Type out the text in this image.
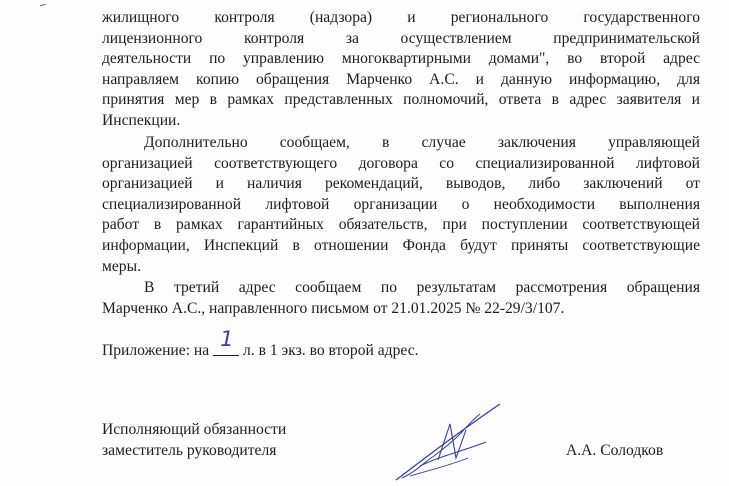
жилищного контроля (надзора) и регионального государственного
лицензионного контроля за осуществлением предпринимательской
деятельности по управлению многоквартирными домами", во второй адрес
направляем копию обращения Марченко А.С. и данную информацию, для
принятия мер в рамках представленных полномочий, ответа в адрес заявителя и
Инспекции.
Дополнительно сообщаем, в случае заключения управляющей
организацией соответствующего договора со специализированной лифтовой
организацией и наличия рекомендаций, выводов, либо заключений от
специализированной лифтовой организации о необходимости выполнения
работ в рамках гарантийных обязательств, при поступлении соответствующей
информации, Инспекций в отношении Фонда будут приняты соответствующие
меры.
В третий адрес сообщаем по результатам рассмотрения обращения
Марченко А.С., направленного письмом от 21.01.2025 № 22-29/3/107.
Приложение: на 1 л. в 1 экз. во второй адрес.
Исполняющий обязанности
заместитель руководителя	А.А. Солодков
